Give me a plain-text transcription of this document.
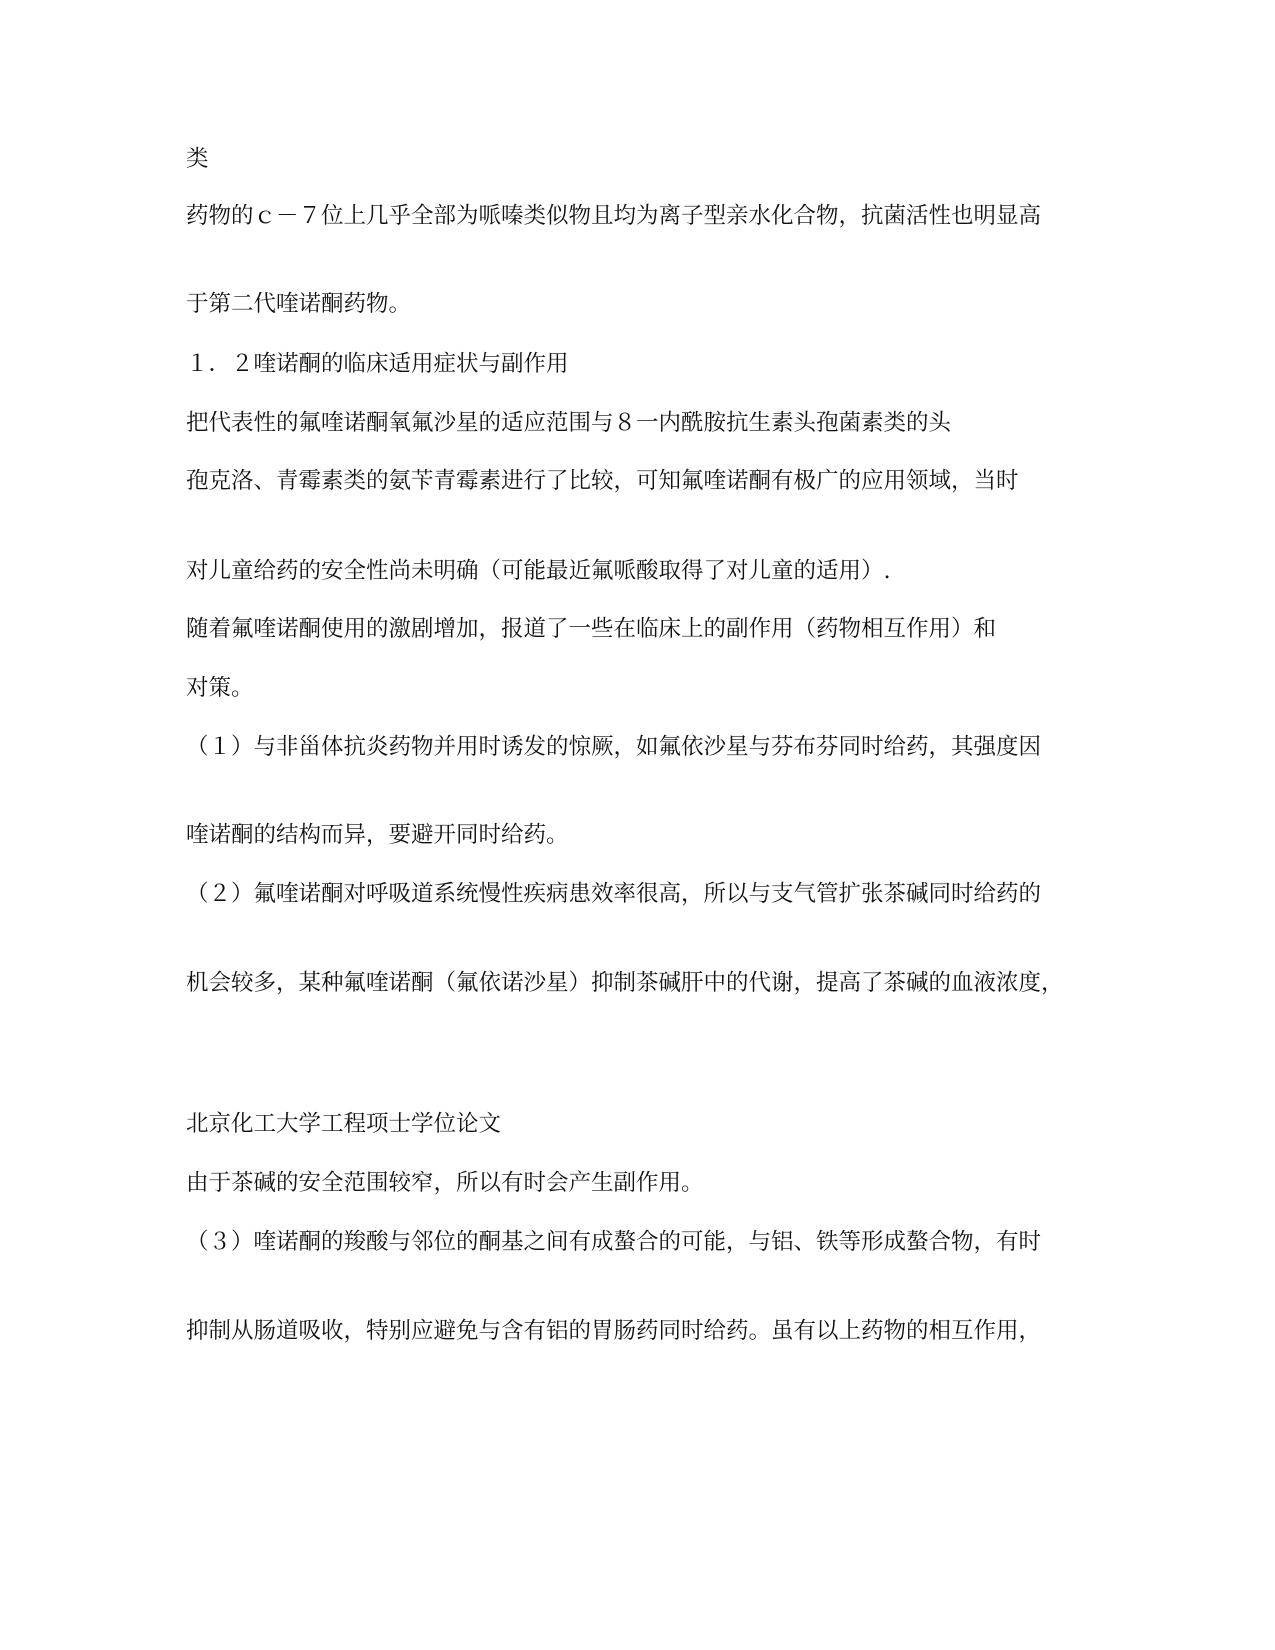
类

药物的ｃ－７位上几乎全部为哌嗪类似物且均为离子型亲水化合物，抗菌活性也明显高

于第二代喹诺酮药物。

１．２喹诺酮的临床适用症状与副作用

把代表性的氟喹诺酮氧氟沙星的适应范围与８一内酰胺抗生素头孢菌素类的头

孢克洛、青霉素类的氨苄青霉素进行了比较，可知氟喹诺酮有极广的应用领域，当时

对儿童给药的安全性尚未明确（可能最近氟哌酸取得了对儿童的适用）.

随着氟喹诺酮使用的激剧增加，报道了一些在临床上的副作用（药物相互作用）和

对策。

（１）与非甾体抗炎药物并用时诱发的惊厥，如氟依沙星与芬布芬同时给药，其强度因

喹诺酮的结构而异，要避开同时给药。

（２）氟喹诺酮对呼吸道系统慢性疾病患效率很高，所以与支气管扩张茶碱同时给药的

机会较多，某种氟喹诺酮（氟依诺沙星）抑制茶碱肝中的代谢，提高了茶碱的血液浓度，

北京化工大学工程项士学位论文

由于茶碱的安全范围较窄，所以有时会产生副作用。

（３）喹诺酮的羧酸与邻位的酮基之间有成螯合的可能，与铝、铁等形成螯合物，有时

抑制从肠道吸收，特别应避免与含有铝的胃肠药同时给药。虽有以上药物的相互作用，
